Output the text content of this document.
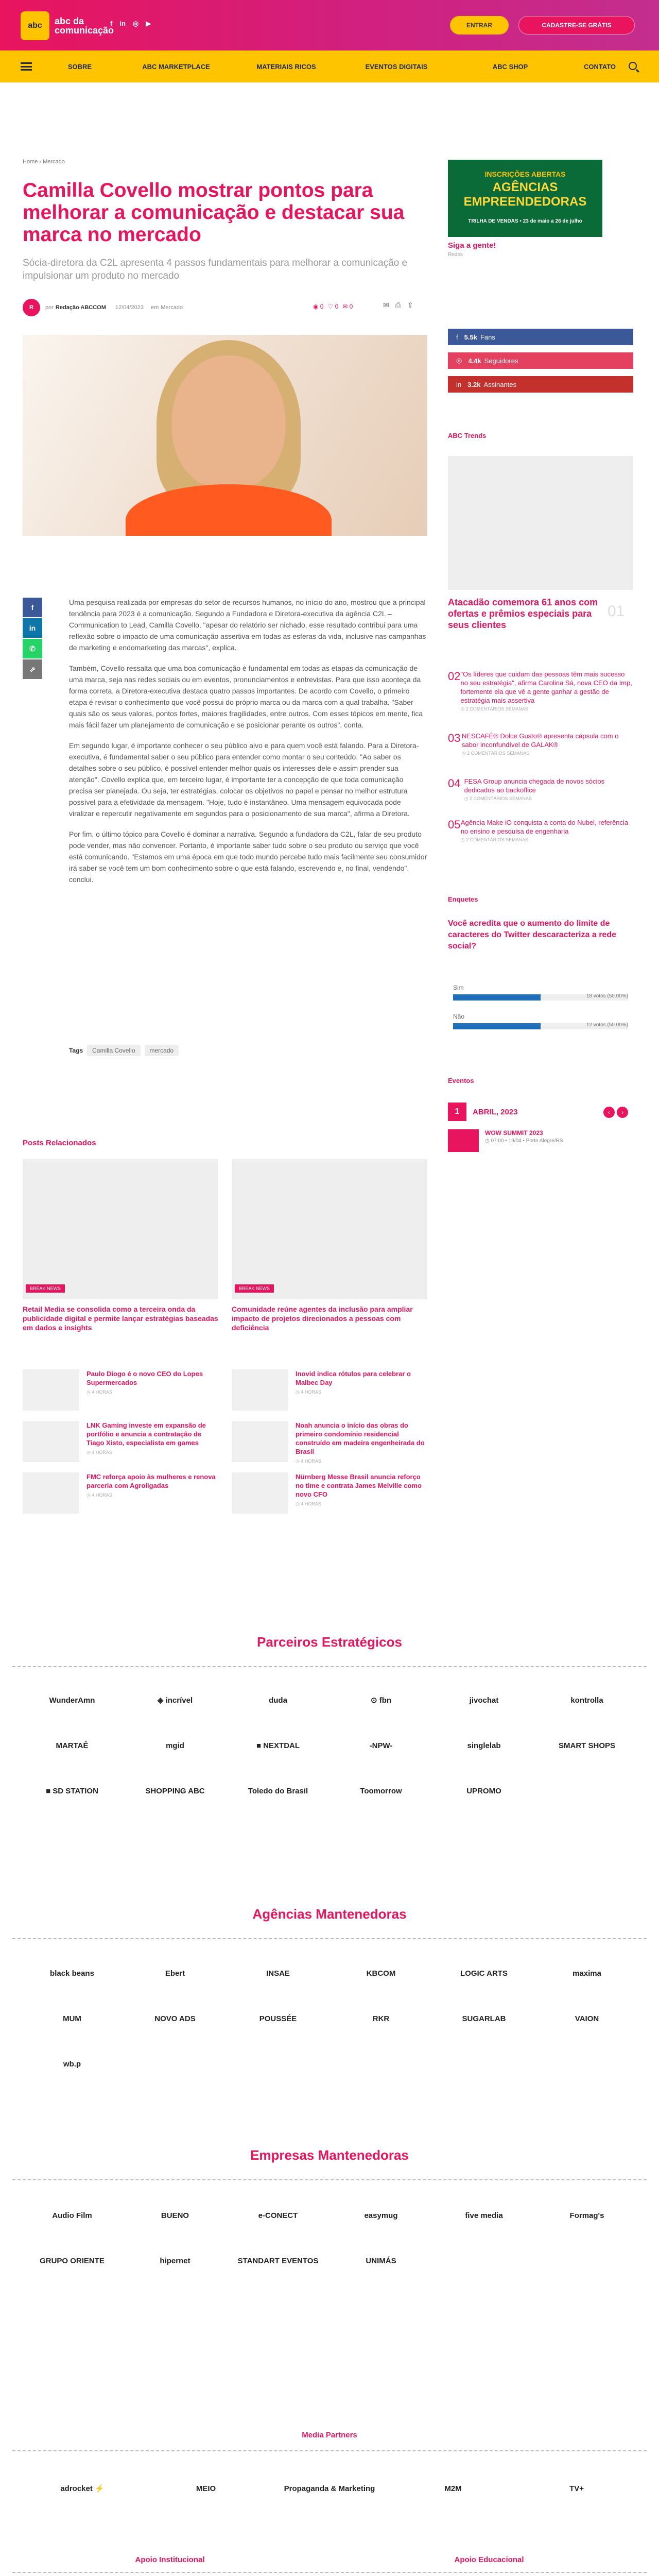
abc	abc da comunicação
f in ◎ ▶	ENTRAR	CADASTRE-SE GRÁTIS
SOBRE	ABC MARKETPLACE	MATERIAIS RICOS	EVENTOS DIGITAIS	ABC SHOP	CONTATO
Home › Mercado
Camilla Covello mostrar pontos para melhorar a comunicação e destacar sua marca no mercado
Sócia-diretora da C2L apresenta 4 passos fundamentais para melhorar a comunicação e impulsionar um produto no mercado
R	por Redação ABCCOM 12/04/2023 em Mercado	◉ 0 ♡ 0 ✉ 0	✉ ⎙ ⇪
f
in
✆
⇗

Uma pesquisa realizada por empresas do setor de recursos humanos, no início do ano, mostrou que a principal tendência para 2023 é a comunicação. Segundo a Fundadora e Diretora-executiva da agência C2L – Communication to Lead, Camilla Covello, "apesar do relatório ser nichado, esse resultado contribui para uma reflexão sobre o impacto de uma comunicação assertiva em todas as esferas da vida, inclusive nas campanhas de marketing e endomarketing das marcas", explica.

Também, Covello ressalta que uma boa comunicação é fundamental em todas as etapas da comunicação de uma marca, seja nas redes sociais ou em eventos, pronunciamentos e entrevistas. Para que isso aconteça da forma correta, a Diretora-executiva destaca quatro passos importantes. De acordo com Covello, o primeiro etapa é revisar o conhecimento que você possui do próprio marca ou da marca com a qual trabalha. "Saber quais são os seus valores, pontos fortes, maiores fragilidades, entre outros. Com esses tópicos em mente, fica mais fácil fazer um planejamento de comunicação e se posicionar perante os outros", conta.

Em segundo lugar, é importante conhecer o seu público alvo e para quem você está falando. Para a Diretora-executiva, é fundamental saber o seu público para entender como montar o seu conteúdo. "Ao saber os detalhes sobre o seu público, é possível entender melhor quais os interesses dele e assim prender sua atenção". Covello explica que, em terceiro lugar, é importante ter a concepção de que toda comunicação precisa ser planejada. Ou seja, ter estratégias, colocar os objetivos no papel e pensar no melhor estrutura possível para a efetividade da mensagem. "Hoje, tudo é instantâneo. Uma mensagem equivocada pode viralizar e repercutir negativamente em segundos para o posicionamento de sua marca", afirma a Diretora.

Por fim, o último tópico para Covello é dominar a narrativa. Segundo a fundadora da C2L, falar de seu produto pode vender, mas não convencer. Portanto, é importante saber tudo sobre o seu produto ou serviço que você está comunicando. "Estamos em uma época em que todo mundo percebe tudo mais facilmente seu consumidor irá saber se você tem um bom conhecimento sobre o que está falando, escrevendo e, no final, vendendo", conclui.

Tags	Camilla Covello	mercado
INSCRIÇÕES ABERTAS
AGÊNCIAS EMPREENDEDORAS
TRILHA DE VENDAS • 23 de maio a 26 de julho
Siga a gente!
Redes
f 5.5k Fans
◎ 4.4k Seguidores
in 3.2k Assinantes
ABC Trends
Atacadão comemora 61 anos com ofertas e prêmios especiais para seus clientes
01
02 "Os líderes que cuidam das pessoas têm mais sucesso no seu estratégia", afirma Carolina Sá, nova CEO da Imp, fortemente ela que vê a gente ganhar a gestão de estratégia mais assertiva
◷ 2 COMENTÁRIOS SEMANAS
03 NESCAFÉ® Dolce Gusto® apresenta cápsula com o sabor inconfundível de GALAK®
◷ 2 COMENTÁRIOS SEMANAS
04 FESA Group anuncia chegada de novos sócios dedicados ao backoffice
◷ 2 COMENTÁRIOS SEMANAS
05 Agência Make iO conquista a conta do Nubel, referência no ensino e pesquisa de engenharia
◷ 2 COMENTÁRIOS SEMANAS
Enquetes
Você acredita que o aumento do limite de caracteres do Twitter descaracteriza a rede social?
Sim
18 votos (50.00%)
Não
12 votos (50.00%)
Eventos
1	ABRIL, 2023	‹	›
WOW SUMMIT 2023
◷ 07:00 • 19/04 • Porto Alegre/RS
Posts Relacionados
BREAK NEWS
Retail Media se consolida como a terceira onda da publicidade digital e permite lançar estratégias baseadas em dados e insights
BREAK NEWS
Comunidade reúne agentes da inclusão para ampliar impacto de projetos direcionados a pessoas com deficiência
Paulo Diogo é o novo CEO do Lopes Supermercados
◷ 4 HORAS
Inovid indica rótulos para celebrar o Malbec Day
◷ 4 HORAS
LNK Gaming investe em expansão de portfólio e anuncia a contratação de Tiago Xisto, especialista em games
◷ 4 HORAS
Noah anuncia o início das obras do primeiro condomínio residencial construído em madeira engenheirada do Brasil
◷ 4 HORAS
FMC reforça apoio às mulheres e renova parceria com Agroligadas
◷ 4 HORAS
Nürnberg Messe Brasil anuncia reforço no time e contrata James Melville como novo CFO
◷ 4 HORAS
Parceiros Estratégicos
WunderAmn	◈ incrível	duda	⊙ fbn	jivochat	kontrolla
MARTAÊ	mgid	■ NEXTDAL	-NPW-	singlelab	SMART SHOPS
■ SD STATION	SHOPPING ABC	Toledo do Brasil	Toomorrow	UPROMO
Agências Mantenedoras
black beans	Ebert	INSAE	KBCOM	LOGIC ARTS	maxima
MUM	NOVO ADS	POUSSÉE	RKR	SUGARLAB	VAION
wb.p
Empresas Mantenedoras
Audio Film	BUENO	e-CONECT	easymug	five media	Formag's
GRUPO ORIENTE	hipernet	STANDART EVENTOS	UNIMÁS
Media Partners
adrocket ⚡	MEIO	Propaganda & Marketing	M2M	TV+
Apoio Institucional	Apoio Educacional
